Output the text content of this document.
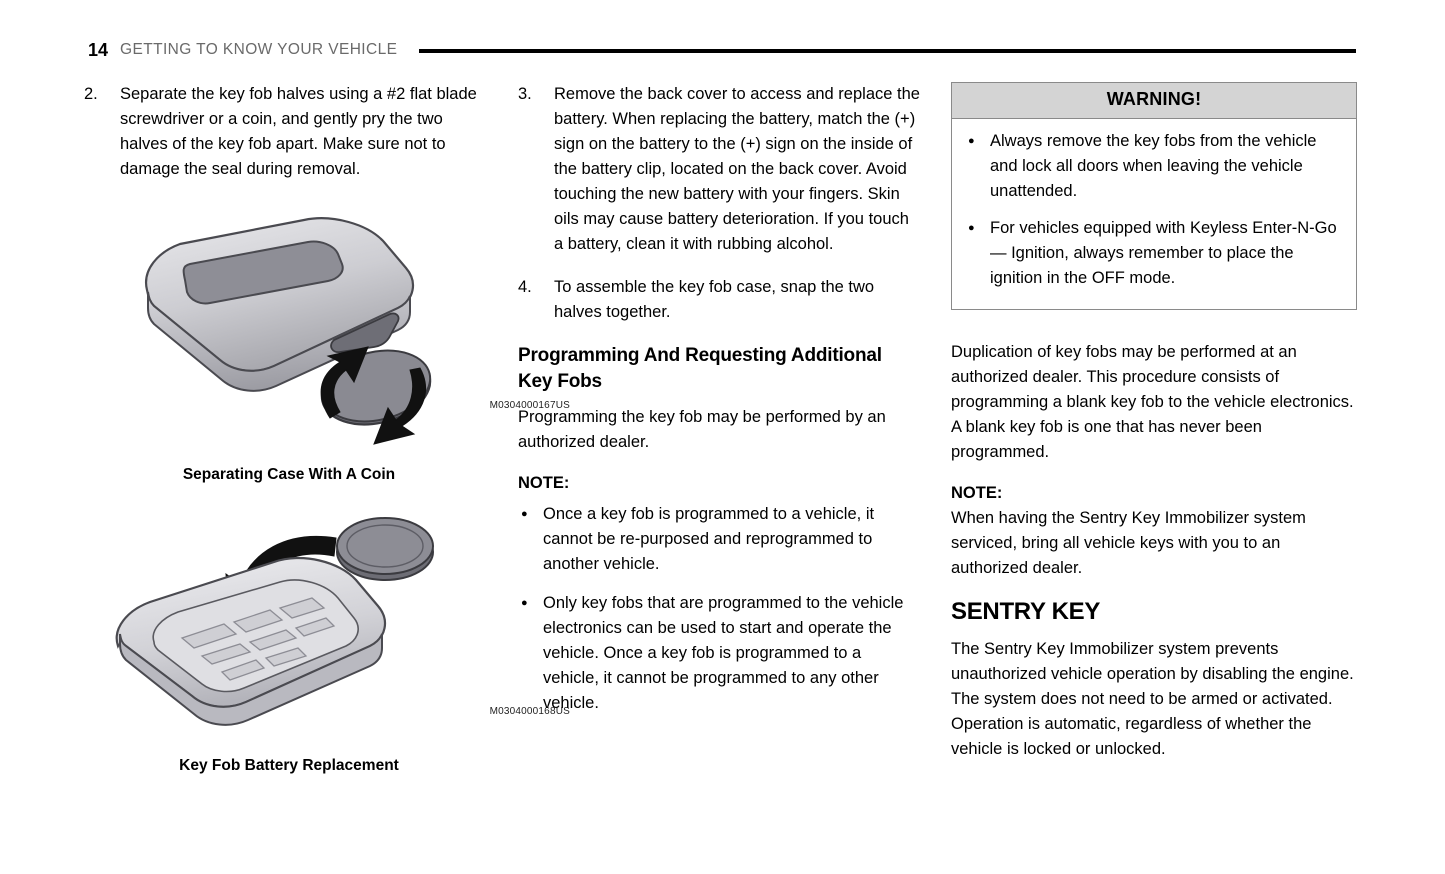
14 GETTING TO KNOW YOUR VEHICLE
2.	Separate the key fob halves using a #2 flat blade screwdriver or a coin, and gently pry the two halves of the key fob apart. Make sure not to damage the seal during removal.
M0304000167US
Separating Case With A Coin
M0304000168US
Key Fob Battery Replacement
3.	Remove the back cover to access and replace the battery. When replacing the battery, match the (+) sign on the battery to the (+) sign on the inside of the battery clip, located on the back cover. Avoid touching the new battery with your fingers. Skin oils may cause battery deterioration. If you touch a battery, clean it with rubbing alcohol.
4.	To assemble the key fob case, snap the two halves together.
Programming And Requesting Additional Key Fobs

Programming the key fob may be performed by an authorized dealer.

NOTE:

● Once a key fob is programmed to a vehicle, it cannot be re-purposed and reprogrammed to another vehicle.
● Only key fobs that are programmed to the vehicle electronics can be used to start and operate the vehicle. Once a key fob is programmed to a vehicle, it cannot be programmed to any other vehicle.
WARNING!
● Always remove the key fobs from the vehicle and lock all doors when leaving the vehicle unattended.
● For vehicles equipped with Keyless Enter-N-Go — Ignition, always remember to place the ignition in the OFF mode.

Duplication of key fobs may be performed at an authorized dealer. This procedure consists of programming a blank key fob to the vehicle electronics. A blank key fob is one that has never been programmed.

NOTE:

When having the Sentry Key Immobilizer system serviced, bring all vehicle keys with you to an authorized dealer.

SENTRY KEY

The Sentry Key Immobilizer system prevents unauthorized vehicle operation by disabling the engine. The system does not need to be armed or activated. Operation is automatic, regardless of whether the vehicle is locked or unlocked.
